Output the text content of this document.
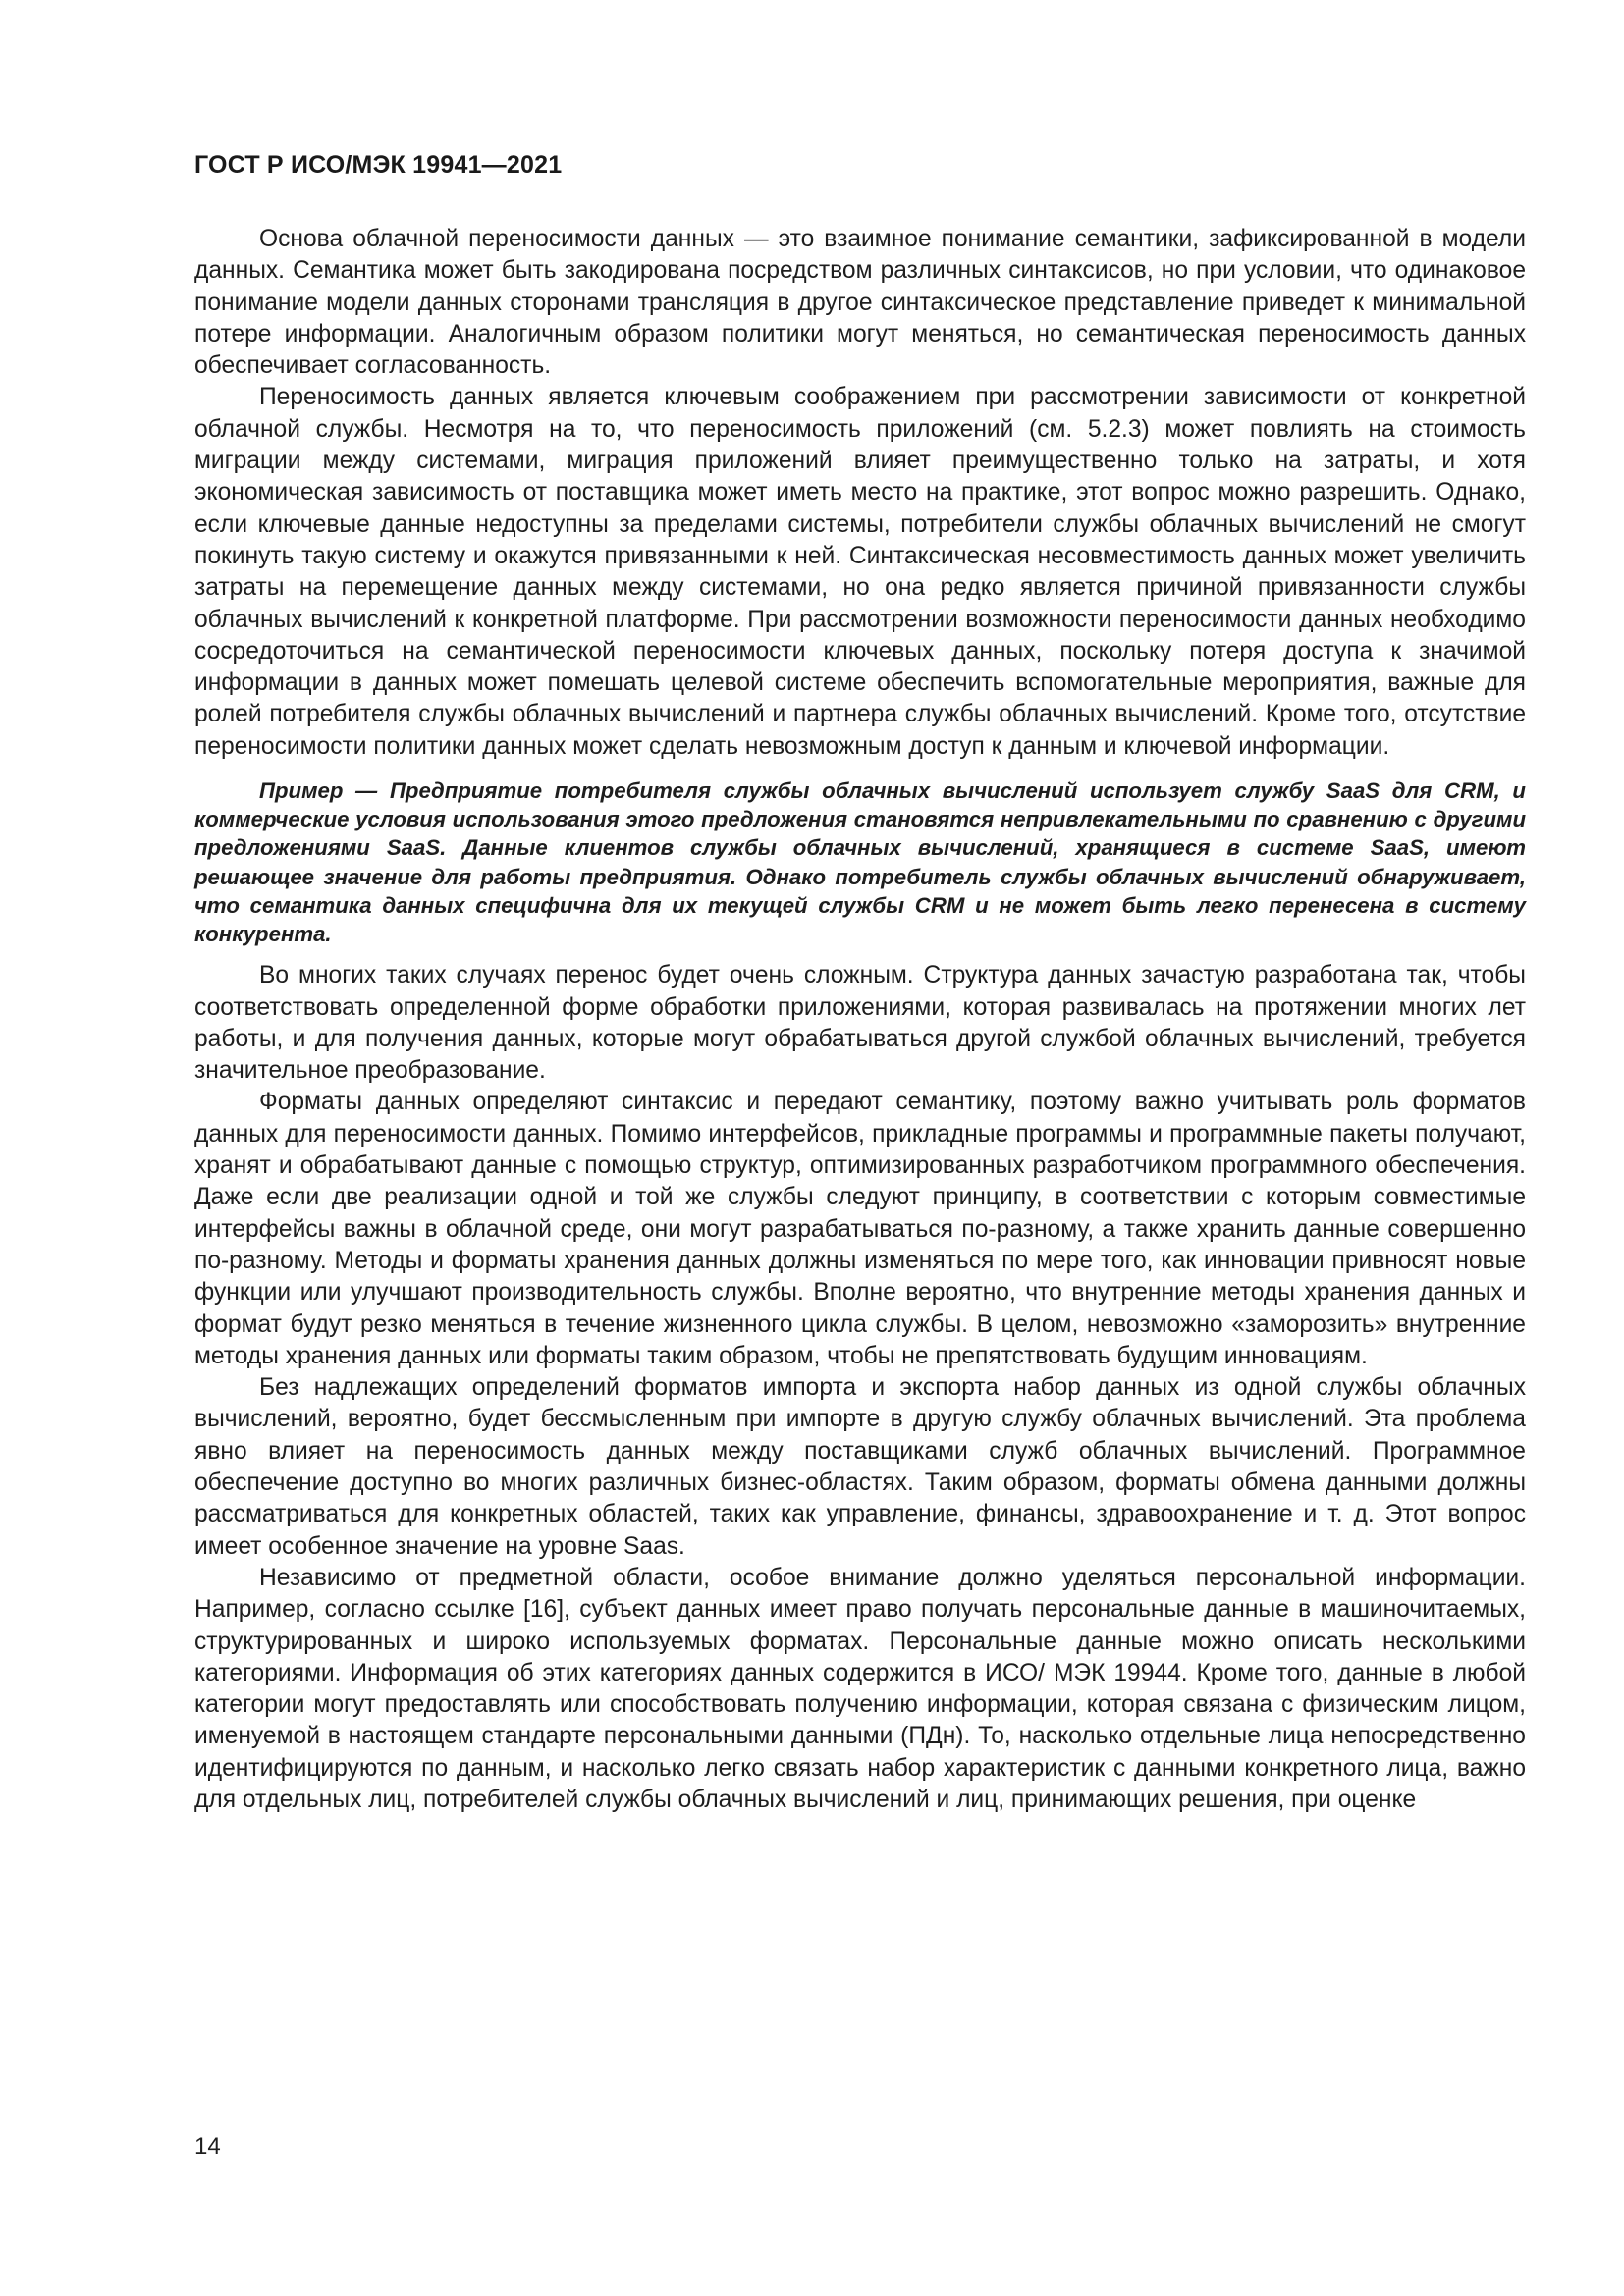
ГОСТ Р ИСО/МЭК 19941—2021

Основа облачной переносимости данных — это взаимное понимание семантики, зафиксированной в модели данных. Семантика может быть закодирована посредством различных синтаксисов, но при условии, что одинаковое понимание модели данных сторонами трансляция в другое синтаксическое представление приведет к минимальной потере информации. Аналогичным образом политики могут меняться, но семантическая переносимость данных обеспечивает согласованность.

Переносимость данных является ключевым соображением при рассмотрении зависимости от конкретной облачной службы. Несмотря на то, что переносимость приложений (см. 5.2.3) может повлиять на стоимость миграции между системами, миграция приложений влияет преимущественно только на затраты, и хотя экономическая зависимость от поставщика может иметь место на практике, этот вопрос можно разрешить. Однако, если ключевые данные недоступны за пределами системы, потребители службы облачных вычислений не смогут покинуть такую систему и окажутся привязанными к ней. Синтаксическая несовместимость данных может увеличить затраты на перемещение данных между системами, но она редко является причиной привязанности службы облачных вычислений к конкретной платформе. При рассмотрении возможности переносимости данных необходимо сосредоточиться на семантической переносимости ключевых данных, поскольку потеря доступа к значимой информации в данных может помешать целевой системе обеспечить вспомогательные мероприятия, важные для ролей потребителя службы облачных вычислений и партнера службы облачных вычислений. Кроме того, отсутствие переносимости политики данных может сделать невозможным доступ к данным и ключевой информации.

Пример — Предприятие потребителя службы облачных вычислений использует службу SaaS для CRM, и коммерческие условия использования этого предложения становятся непривлекательными по сравнению с другими предложениями SaaS. Данные клиентов службы облачных вычислений, хранящиеся в системе SaaS, имеют решающее значение для работы предприятия. Однако потребитель службы облачных вычислений обнаруживает, что семантика данных специфична для их текущей службы CRM и не может быть легко перенесена в систему конкурента.

Во многих таких случаях перенос будет очень сложным. Структура данных зачастую разработана так, чтобы соответствовать определенной форме обработки приложениями, которая развивалась на протяжении многих лет работы, и для получения данных, которые могут обрабатываться другой службой облачных вычислений, требуется значительное преобразование.

Форматы данных определяют синтаксис и передают семантику, поэтому важно учитывать роль форматов данных для переносимости данных. Помимо интерфейсов, прикладные программы и программные пакеты получают, хранят и обрабатывают данные с помощью структур, оптимизированных разработчиком программного обеспечения. Даже если две реализации одной и той же службы следуют принципу, в соответствии с которым совместимые интерфейсы важны в облачной среде, они могут разрабатываться по-разному, а также хранить данные совершенно по-разному. Методы и форматы хранения данных должны изменяться по мере того, как инновации привносят новые функции или улучшают производительность службы. Вполне вероятно, что внутренние методы хранения данных и формат будут резко меняться в течение жизненного цикла службы. В целом, невозможно «заморозить» внутренние методы хранения данных или форматы таким образом, чтобы не препятствовать будущим инновациям.

Без надлежащих определений форматов импорта и экспорта набор данных из одной службы облачных вычислений, вероятно, будет бессмысленным при импорте в другую службу облачных вычислений. Эта проблема явно влияет на переносимость данных между поставщиками служб облачных вычислений. Программное обеспечение доступно во многих различных бизнес-областях. Таким образом, форматы обмена данными должны рассматриваться для конкретных областей, таких как управление, финансы, здравоохранение и т. д. Этот вопрос имеет особенное значение на уровне Saas.

Независимо от предметной области, особое внимание должно уделяться персональной информации. Например, согласно ссылке [16], субъект данных имеет право получать персональные данные в машиночитаемых, структурированных и широко используемых форматах. Персональные данные можно описать несколькими категориями. Информация об этих категориях данных содержится в ИСО/ МЭК 19944. Кроме того, данные в любой категории могут предоставлять или способствовать получению информации, которая связана с физическим лицом, именуемой в настоящем стандарте персональными данными (ПДн). То, насколько отдельные лица непосредственно идентифицируются по данным, и насколько легко связать набор характеристик с данными конкретного лица, важно для отдельных лиц, потребителей службы облачных вычислений и лиц, принимающих решения, при оценке

14
